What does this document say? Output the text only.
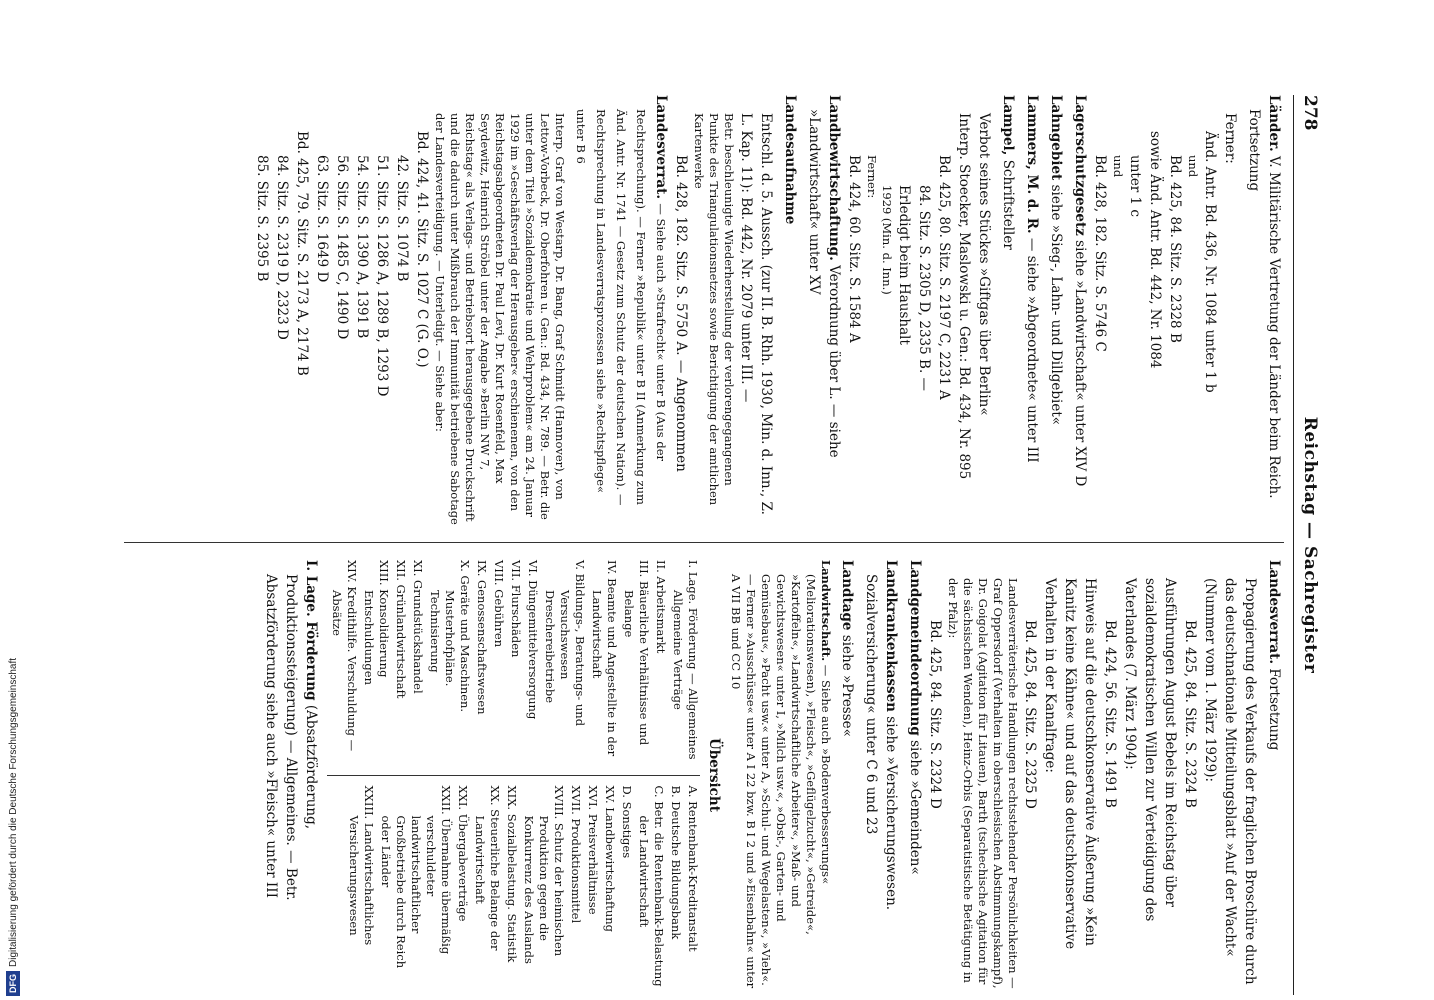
278
Reichstag — Sachregister

Länder. V. Militärische Vertretung der Länder beim Reich. Fortsetzung

Ferner:

Änd. Antr. Bd. 436, Nr. 1084 unter 1 b

und

Bd. 425, 84. Sitz. S. 2328 B

sowie Änd. Antr. Bd. 442, Nr. 1084

unter 1 c

und

Bd. 428, 182. Sitz. S. 5746 C

Lagerschutzgesetz siehe »Landwirtschaft« unter XIV D

Lahngebiet siehe »Sieg-, Lahn- und Dillgebiet«

Lammers, M. d. R. — siehe »Abgeordnete« unter III

Lampel, Schriftsteller

Verbot seines Stückes »Giftgas über Berlin«

Interp. Stoecker, Maslowski u. Gen.: Bd. 434, Nr. 895

Bd. 425, 80. Sitz. S. 2197 C, 2231 A

84. Sitz. S. 2305 D, 2335 B. —

Erledigt beim Haushalt

1929 (Min. d. Inn.)

Ferner:

Bd. 424, 60. Sitz. S. 1584 A

Landbewirtschaftung. Verordnung über L. — siehe »Landwirtschaft« unter XV

Landesaufnahme

Entschl. d. 5. Aussch. (zur II. B. Rhh. 1930, Min. d. Inn., Z. L. Kap. 11): Bd. 442, Nr. 2079 unter III. —

Betr. beschleunigte Wiederherstellung der verlorengegangenen Punkte des Triangulationsnetzes sowie Berichtigung der amtlichen Kartenwerke

Bd. 428, 182. Sitz. S. 5750 A. — Angenommen

Landesverrat. — Siehe auch »Strafrecht« unter B (Aus der Rechtsprechung). — Ferner »Republik« unter B II (Anmerkung zum Änd. Antr. Nr. 1741 — Gesetz zum Schutz der deutschen Nation). — Rechtsprechung in Landesverratsprozessen siehe »Rechtspflege« unter B 6

Interp. Graf von Westarp, Dr. Bang, Graf Schmidt (Hannover), von Lettow-Vorbeck, Dr. Oberfohren u. Gen.: Bd. 434, Nr. 789. — Betr. die unter dem Titel »Sozialdemokratie und Wehrproblem« am 24. Januar 1929 im »Geschäftsverlag der Herausgeber« erschienenen, von den Reichstagsabgeordneten Dr. Paul Levi, Dr. Kurt Rosenfeld, Max Seydewitz, Heinrich Ströbel unter der Angabe »Berlin NW 7, Reichstag« als Verlags- und Betriebsort herausgegebene Druckschrift und die dadurch unter Mißbrauch der Immunität betriebene Sabotage der Landesverteidigung. — Unterledigt. — Siehe aber:

Bd. 424, 41. Sitz. S. 1027 C (G. O.)

42. Sitz. S. 1074 B

51. Sitz. S. 1286 A, 1289 B, 1293 D

54. Sitz. S. 1390 A, 1391 B

56. Sitz. S. 1485 C, 1490 D

63. Sitz. S. 1649 D

Bd. 425, 79. Sitz. S. 2173 A, 2174 B

84. Sitz. S. 2319 D, 2323 D

85. Sitz. S. 2395 B

Landesverrat. Fortsetzung

Propagierung des Verkaufs der fraglichen Broschüre durch das deutschnationale Mitteilungsblatt »Auf der Wacht« (Nummer vom 1. März 1929):

Bd. 425, 84. Sitz. S. 2324 B

Ausführungen August Bebels im Reichstag über sozialdemokratischen Willen zur Verteidigung des Vaterlandes (7. März 1904):

Bd. 424, 56. Sitz. S. 1491 B

Hinweis auf die deutschkonservative Äußerung »Kein Kanitz keine Kähne« und auf das deutschkonservative Verhalten in der Kanalfrage:

Bd. 425, 84. Sitz. S. 2325 D

Landesverräterische Handlungen rechtsstehender Persönlichkeiten — Graf Oppersdorf (Verhalten im oberschlesischen Abstimmungskampf), Dr. Goigolat (Agitation für Litauen), Barth (tschechische Agitation für die sächsischen Wenden), Heinz-Orbis (Separatistische Betätigung in der Pfalz):

Bd. 425, 84. Sitz. S. 2324 D

Landgemeindeordnung siehe »Gemeinden«

Landkrankenkassen siehe »Versicherungswesen. Sozialversicherung« unter C 6 und 23

Landtage siehe »Presse«

Landwirtschaft. — Siehe auch »Bodenverbesserungs« (Meliorationswesen), »Fleisch«, »Geflügelzucht«, »Getreide«, »Kartoffeln«, »Landwirtschaftliche Arbeiter«, »Maß- und Gewichtswesen« unter I, »Milch usw.«, »Obst-, Garten- und Gemüsebau«, »Pacht usw.« unter A, »Schul- und Wegelasten«, »Vieh«. — Ferner »Ausschüsse« unter A I 22 bzw. B I 2 und »Eisenbahn« unter A VII BB und CC 10

Übersicht

I. Lage. Förderung — Allgemeines Allgemeine Verträge

II. Arbeitsmarkt

III. Bäuerliche Verhältnisse und Belange

IV. Beamte und Angestellte in der Landwirtschaft

V. Bildungs-, Beratungs- und Versuchswesen Dreschereibetriebe

VI. Düngemittelversorgung

VII. Flurschäden

VIII. Gebühren

IX. Genossenschaftswesen

X. Geräte und Maschinen. Musterhofpläne. Technisierung

XI. Grundstückshandel

XII. Grünlandwirtschaft

XIII. Konsolidierung Entschuldungen

XIV. Kredithilfe. Verschuldung — Absätze

A. Rentenbank-Kreditanstalt

B. Deutsche Bildungsbank

C. Betr. die Rentenbank-Belastung der Landwirtschaft

D. Sonstiges

XV. Landbewirtschaftung

XVI. Preisverhältnisse

XVII. Produktionsmittel

XVIII. Schutz der heimischen Produktion gegen die Konkurrenz des Auslands

XIX. Sozialbelastung. Statistik

XX. Steuerliche Belange der Landwirtschaft

XXI. Übergabeverträge

XXII. Übernahme übermäßig verschuldeter landwirtschaftlicher Großbetriebe durch Reich oder Länder

XXIII. Landwirtschaftliches Versicherungswesen

I. Lage. Förderung (Absatzförderung, Produktionssteigerung) — Allgemeines. — Betr. Absatzförderung siehe auch »Fleisch« unter III

DFGDigitalisierung gefördert durch die Deutsche Forschungsgemeinschaft
